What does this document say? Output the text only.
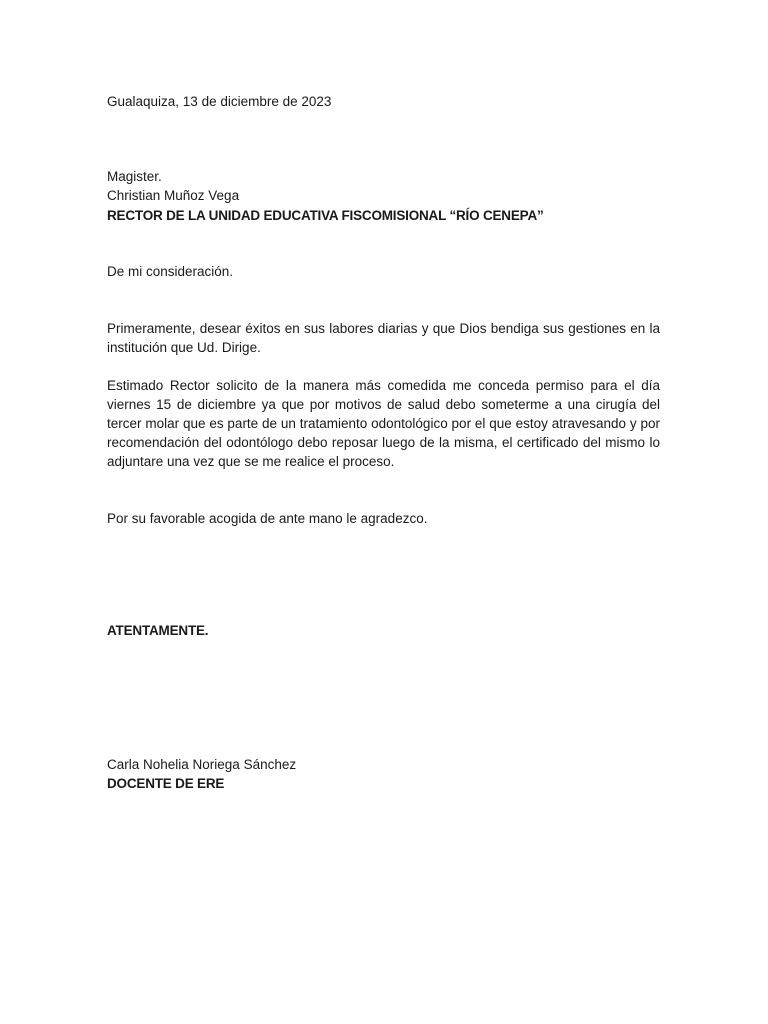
Gualaquiza, 13 de diciembre de 2023
Magister.
Christian Muñoz Vega
RECTOR DE LA UNIDAD EDUCATIVA FISCOMISIONAL “RÍO CENEPA”
De mi consideración.
Primeramente, desear éxitos en sus labores diarias y que Dios bendiga sus gestiones en la institución que Ud. Dirige.
Estimado Rector solicito de la manera más comedida me conceda permiso para el día viernes 15 de diciembre ya que por motivos de salud debo someterme a una cirugía del tercer molar que es parte de un tratamiento odontológico por el que estoy atravesando y por recomendación del odontólogo debo reposar luego de la misma, el certificado del mismo lo adjuntare una vez que se me realice el proceso.
Por su favorable acogida de ante mano le agradezco.
ATENTAMENTE.
Carla Nohelia Noriega Sánchez
DOCENTE DE ERE
